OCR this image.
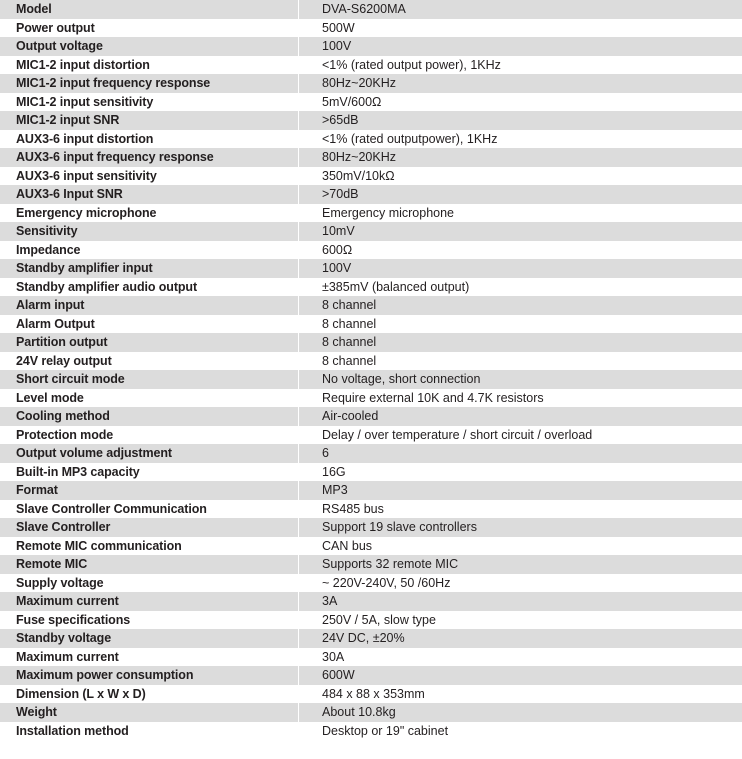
Model	DVA-S6200MA
Power output	500W
Output voltage	100V
MIC1-2 input distortion	<1% (rated output power), 1KHz
MIC1-2 input frequency response	80Hz~20KHz
MIC1-2 input sensitivity	5mV/600Ω
MIC1-2 input SNR	>65dB
AUX3-6 input distortion	<1% (rated outputpower), 1KHz
AUX3-6 input frequency response	80Hz~20KHz
AUX3-6 input sensitivity	350mV/10kΩ
AUX3-6 Input SNR	>70dB
Emergency microphone	Emergency microphone
Sensitivity	10mV
Impedance	600Ω
Standby amplifier input	100V
Standby amplifier audio output	±385mV (balanced output)
Alarm input	8 channel
Alarm Output	8 channel
Partition output	8 channel
24V relay output	8 channel
Short circuit mode	No voltage, short connection
Level mode	Require external 10K and 4.7K resistors
Cooling method	Air-cooled
Protection mode	Delay / over temperature / short circuit / overload
Output volume adjustment	6
Built-in MP3 capacity	16G
Format	MP3
Slave Controller Communication	RS485 bus
Slave Controller	Support 19 slave controllers
Remote MIC communication	CAN bus
Remote MIC	Supports 32 remote MIC
Supply voltage	~ 220V-240V, 50 /60Hz
Maximum current	3A
Fuse specifications	250V / 5A, slow type
Standby voltage	24V DC, ±20%
Maximum current	30A
Maximum power consumption	600W
Dimension (L x W x D)	484 x 88 x 353mm
Weight	About 10.8kg
Installation method	Desktop or 19" cabinet
